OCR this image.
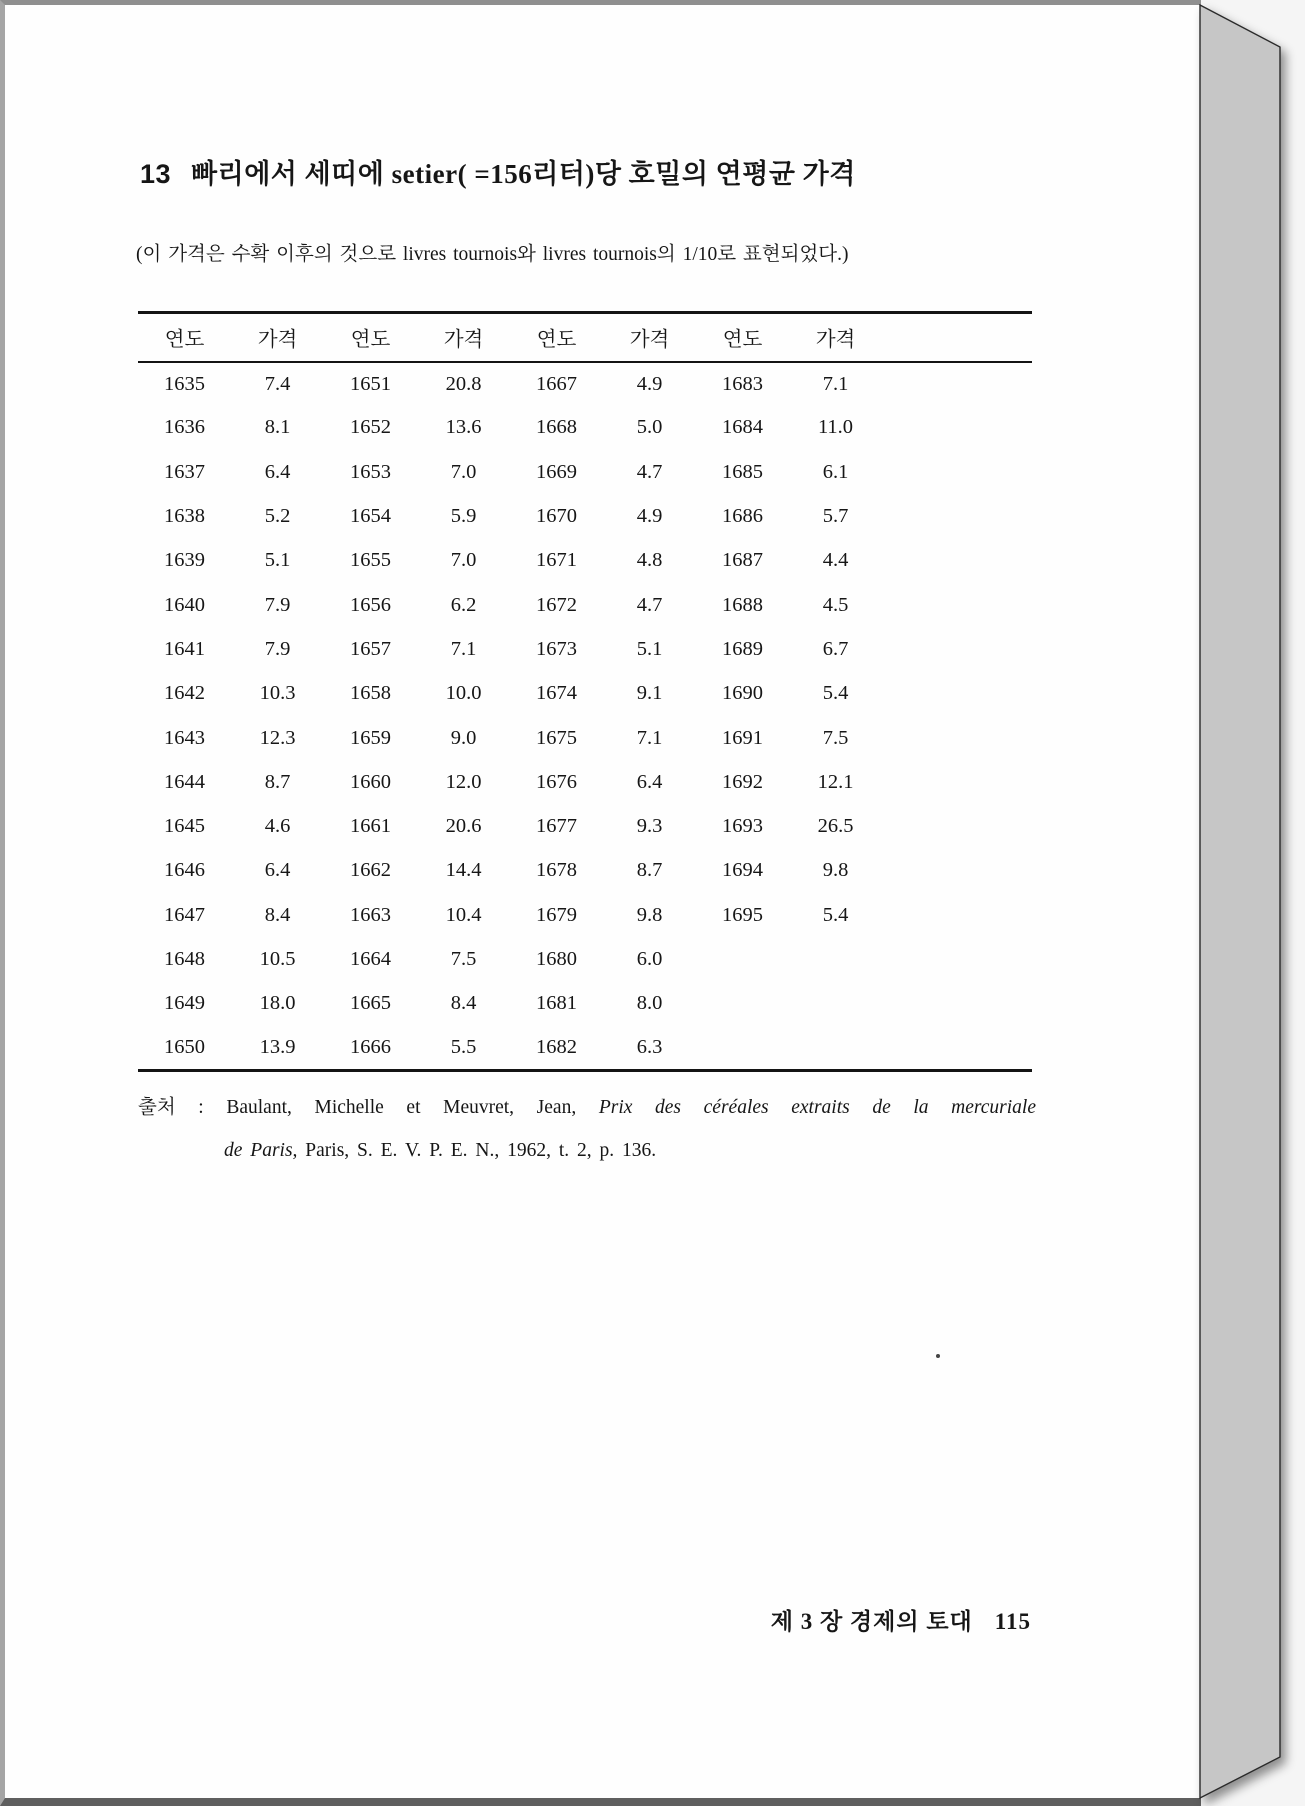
13 빠리에서 세띠에 setier( =156리터)당 호밀의 연평균 가격

(이 가격은 수확 이후의 것으로 livres tournois와 livres tournois의 1/10로 표현되었다.)

연도	가격	연도	가격	연도	가격	연도	가격	
1635	7.4	1651	20.8	1667	4.9	1683	7.1	
1636	8.1	1652	13.6	1668	5.0	1684	11.0	
1637	6.4	1653	7.0	1669	4.7	1685	6.1	
1638	5.2	1654	5.9	1670	4.9	1686	5.7	
1639	5.1	1655	7.0	1671	4.8	1687	4.4	
1640	7.9	1656	6.2	1672	4.7	1688	4.5	
1641	7.9	1657	7.1	1673	5.1	1689	6.7	
1642	10.3	1658	10.0	1674	9.1	1690	5.4	
1643	12.3	1659	9.0	1675	7.1	1691	7.5	
1644	8.7	1660	12.0	1676	6.4	1692	12.1	
1645	4.6	1661	20.6	1677	9.3	1693	26.5	
1646	6.4	1662	14.4	1678	8.7	1694	9.8	
1647	8.4	1663	10.4	1679	9.8	1695	5.4	
1648	10.5	1664	7.5	1680	6.0			
1649	18.0	1665	8.4	1681	8.0			
1650	13.9	1666	5.5	1682	6.3			

출처 : Baulant, Michelle et Meuvret, Jean, Prix des céréales extraits de la mercuriale

de Paris, Paris, S. E. V. P. E. N., 1962, t. 2, p. 136.

제 3 장 경제의 토대 115
